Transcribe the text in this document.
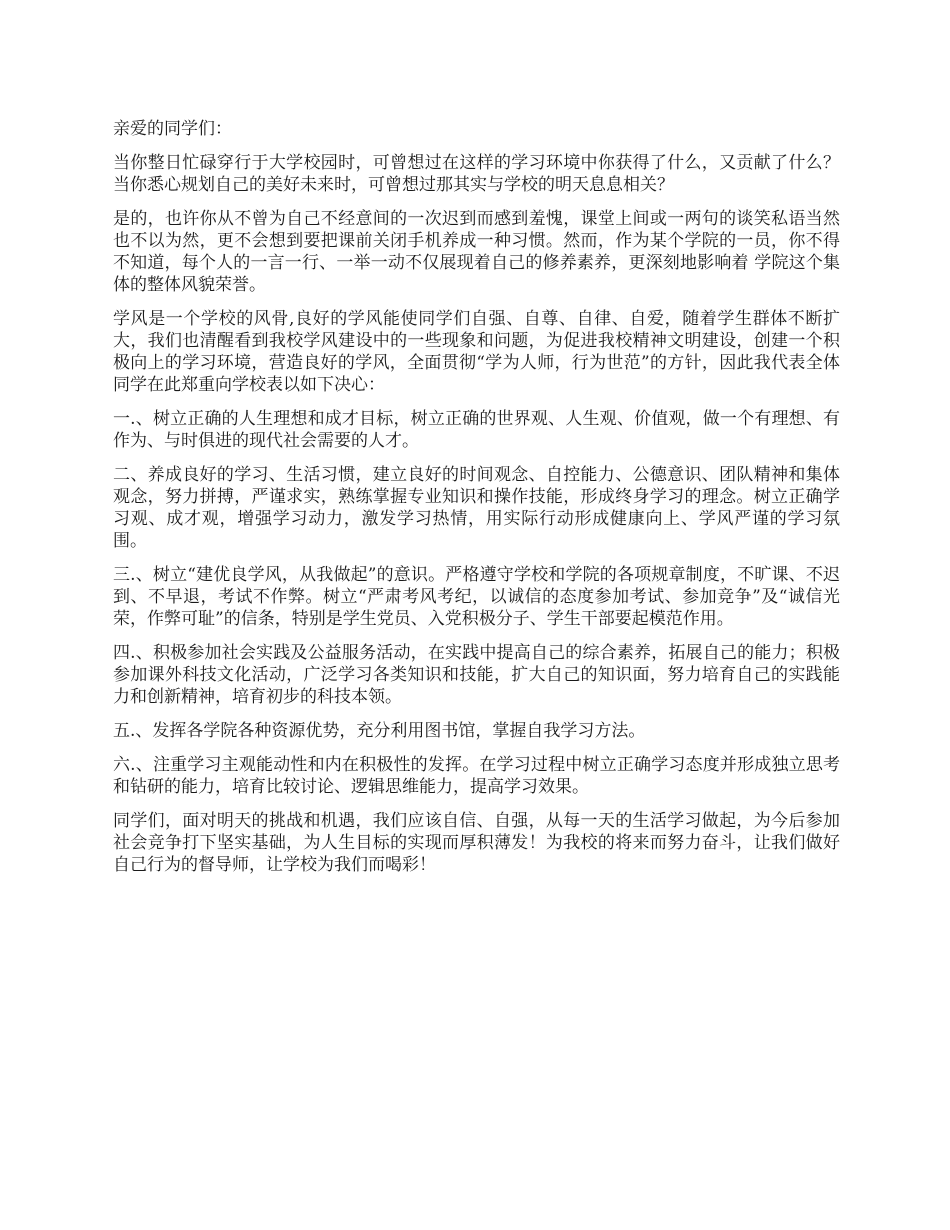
亲爱的同学们：

当你整日忙碌穿行于大学校园时，可曾想过在这样的学习环境中你获得了什么，又贡献了什么？当你悉心规划自己的美好未来时，可曾想过那其实与学校的明天息息相关？

是的，也许你从不曾为自己不经意间的一次迟到而感到羞愧，课堂上间或一两句的谈笑私语当然也不以为然，更不会想到要把课前关闭手机养成一种习惯。然而，作为某个学院的一员，你不得不知道，每个人的一言一行、一举一动不仅展现着自己的修养素养，更深刻地影响着 学院这个集体的整体风貌荣誉。

学风是一个学校的风骨,良好的学风能使同学们自强、自尊、自律、自爱，随着学生群体不断扩大，我们也清醒看到我校学风建设中的一些现象和问题，为促进我校精神文明建设，创建一个积极向上的学习环境，营造良好的学风，全面贯彻“学为人师，行为世范”的方针，因此我代表全体同学在此郑重向学校表以如下决心：

一.、树立正确的人生理想和成才目标，树立正确的世界观、人生观、价值观，做一个有理想、有作为、与时俱进的现代社会需要的人才。

二、养成良好的学习、生活习惯，建立良好的时间观念、自控能力、公德意识、团队精神和集体观念，努力拼搏，严谨求实，熟练掌握专业知识和操作技能，形成终身学习的理念。树立正确学习观、成才观，增强学习动力，激发学习热情，用实际行动形成健康向上、学风严谨的学习氛围。

三.、树立“建优良学风，从我做起”的意识。严格遵守学校和学院的各项规章制度，不旷课、不迟到、不早退，考试不作弊。树立“严肃考风考纪，以诚信的态度参加考试、参加竞争”及“诚信光荣，作弊可耻”的信条，特别是学生党员、入党积极分子、学生干部要起模范作用。

四.、积极参加社会实践及公益服务活动，在实践中提高自己的综合素养，拓展自己的能力；积极参加课外科技文化活动，广泛学习各类知识和技能，扩大自己的知识面，努力培育自己的实践能力和创新精神，培育初步的科技本领。

五.、发挥各学院各种资源优势，充分利用图书馆，掌握自我学习方法。

六.、注重学习主观能动性和内在积极性的发挥。在学习过程中树立正确学习态度并形成独立思考和钻研的能力，培育比较讨论、逻辑思维能力，提高学习效果。

同学们，面对明天的挑战和机遇，我们应该自信、自强，从每一天的生活学习做起，为今后参加社会竞争打下坚实基础，为人生目标的实现而厚积薄发！为我校的将来而努力奋斗，让我们做好自己行为的督导师，让学校为我们而喝彩！
